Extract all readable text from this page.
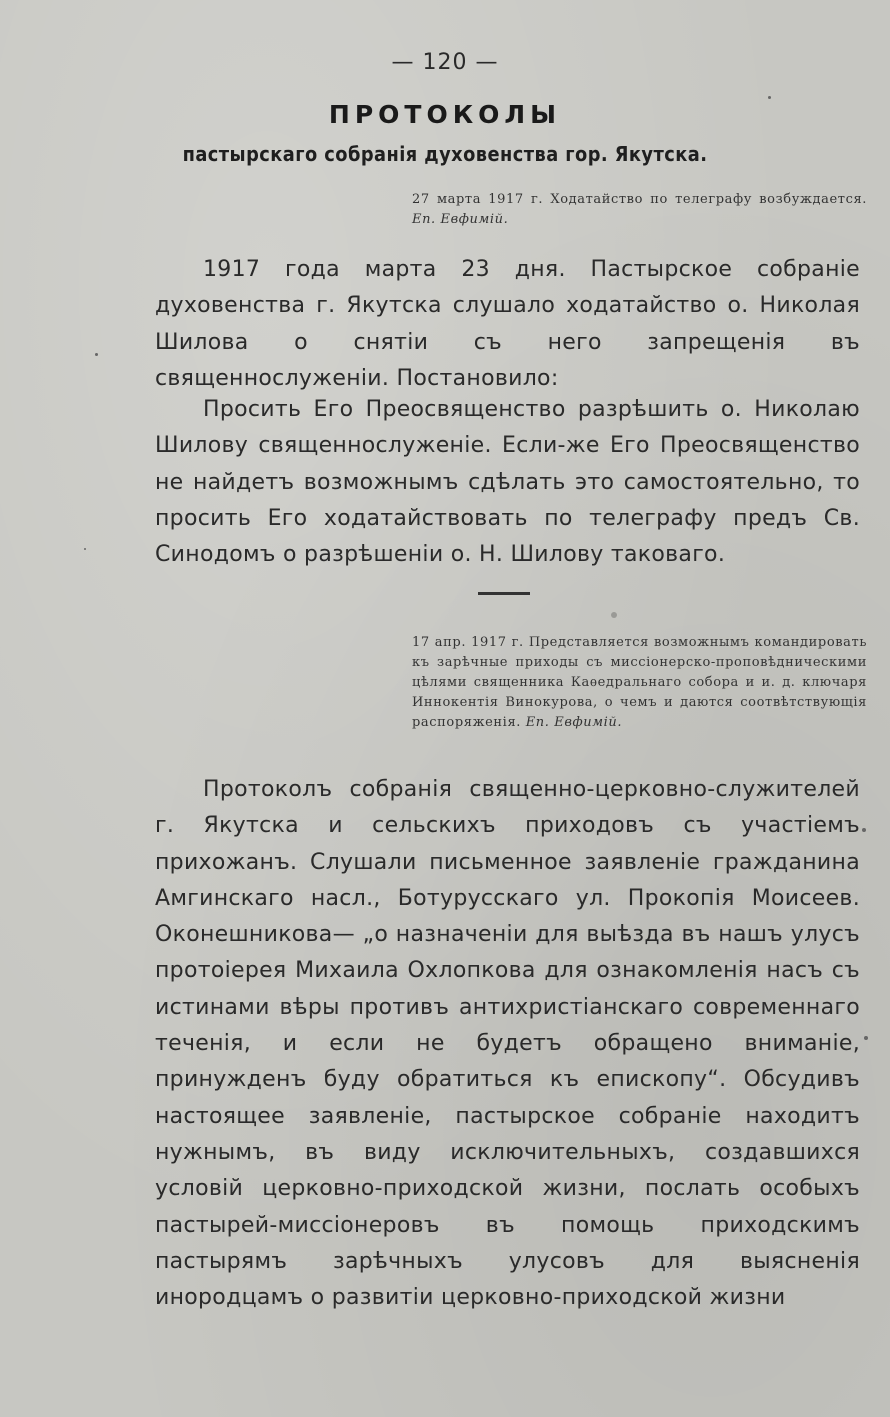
— 120 —
ПРОТОКОЛЫ
пастырскаго собранія духовенства гор. Якутска.
27 марта 1917 г. Ходатайство по телеграфу возбуждается. Еп. Евфимій.

1917 года марта 23 дня. Пастырское собраніе духовенства г. Якутска слушало ходатайство о. Николая Шилова о снятіи съ него запрещенія въ священнослуженіи. Постановило:

Просить Его Преосвященство разрѣшить о. Николаю Шилову священнослуженіе. Если-же Его Преосвященство не найдетъ возможнымъ сдѣлать это самостоятельно, то просить Его ходатайствовать по телеграфу предъ Св. Синодомъ о разрѣшеніи о. Н. Шилову таковаго.

17 апр. 1917 г. Представляется возможнымъ командировать къ зарѣчные приходы съ миссіонерско-проповѣдническими цѣлями священника Каѳедральнаго собора и и. д. ключаря Иннокентія Винокурова, о чемъ и даются соотвѣтствующія распоряженія. Еп. Евфимій.

Протоколъ собранія священно-церковно-служителей г. Якутска и сельскихъ приходовъ съ участіемъ прихожанъ. Слушали письменное заявленіе гражданина Амгинскаго насл., Ботурусскаго ул. Прокопія Моисеев. Оконешникова— „о назначеніи для выѣзда въ нашъ улусъ протоіерея Михаила Охлопкова для ознакомленія насъ съ истинами вѣры противъ антихристіанскаго современнаго теченія, и если не будетъ обращено вниманіе, принужденъ буду обратиться къ епископу“. Обсудивъ настоящее заявленіе, пастырское собраніе находитъ нужнымъ, въ виду исключительныхъ, создавшихся условій церковно-приходской жизни, послать особыхъ пастырей-миссіонеровъ въ помощь приходскимъ пастырямъ зарѣчныхъ улусовъ для выясненія инородцамъ о развитіи церковно-приходской жизни
